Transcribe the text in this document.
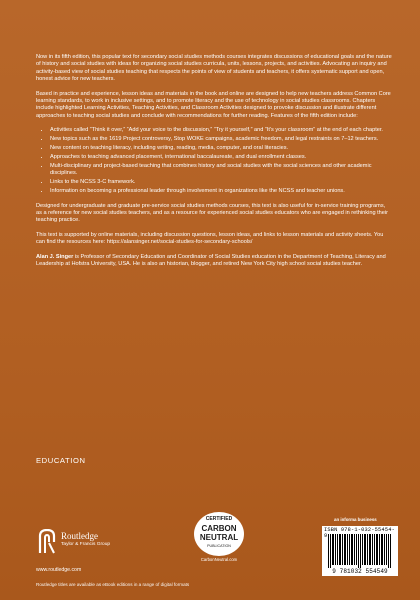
Now in its fifth edition, this popular text for secondary social studies methods courses integrates discussions of educational goals and the nature of history and social studies with ideas for organizing social studies curricula, units, lessons, projects, and activities. Advocating an inquiry and activity-based view of social studies teaching that respects the points of view of students and teachers, it offers systematic support and open, honest advice for new teachers.

Based in practice and experience, lesson ideas and materials in the book and online are designed to help new teachers address Common Core learning standards, to work in inclusive settings, and to promote literacy and the use of technology in social studies classrooms. Chapters include highlighted Learning Activities, Teaching Activities, and Classroom Activities designed to provoke discussion and illustrate different approaches to teaching social studies and conclude with recommendations for further reading. Features of the fifth edition include:

• Activities called “Think it over,” “Add your voice to the discussion,” “Try it yourself,” and “It’s your classroom” at the end of each chapter.
• New topics such as the 1619 Project controversy, Stop WOKE campaigns, academic freedom, and legal restraints on 7–12 teachers.
• New content on teaching literacy, including writing, reading, media, computer, and oral literacies.
• Approaches to teaching advanced placement, international baccalaureate, and dual enrollment classes.
• Multi-disciplinary and project-based teaching that combines history and social studies with the social sciences and other academic disciplines.
• Links to the NCSS 3-C framework.
• Information on becoming a professional leader through involvement in organizations like the NCSS and teacher unions.

Designed for undergraduate and graduate pre-service social studies methods courses, this text is also useful for in-service training programs, as a reference for new social studies teachers, and as a resource for experienced social studies educators who are engaged in rethinking their teaching practice.

This text is supported by online materials, including discussion questions, lesson ideas, and links to lesson materials and activity sheets. You can find the resources here: https://alansinger.net/social-studies-for-secondary-schools/

Alan J. Singer is Professor of Secondary Education and Coordinator of Social Studies education in the Department of Teaching, Literacy and Leadership at Hofstra University, USA. He is also an historian, blogger, and retired New York City high school social studies teacher.

EDUCATION
Routledge
Taylor & Francis Group
www.routledge.com
CERTIFIED
CARBON
NEUTRAL
PUBLICATION
CarbonNeutral.com
an informa business
ISBN 978-1-032-55454-9
9 781032 554549
Routledge titles are available as eBook editions in a range of digital formats
